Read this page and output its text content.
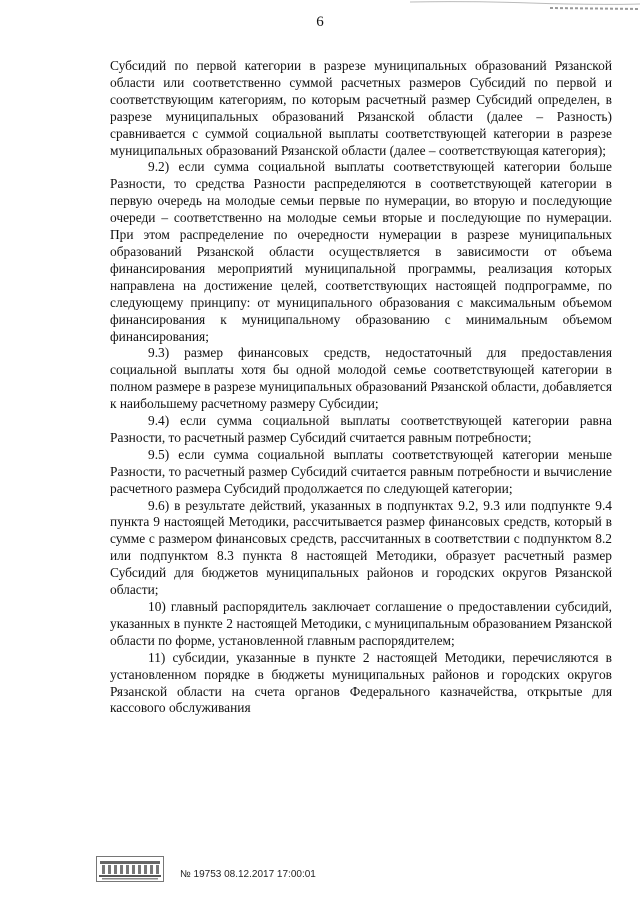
6

Субсидий по первой категории в разрезе муниципальных образований Рязанской области или соответственно суммой расчетных размеров Субсидий по первой и соответствующим категориям, по которым расчетный размер Субсидий определен, в разрезе муниципальных образований Рязанской области (далее – Разность) сравнивается с суммой социальной выплаты соответствующей категории в разрезе муниципальных образований Рязанской области (далее – соответствующая категория);

9.2) если сумма социальной выплаты соответствующей категории больше Разности, то средства Разности распределяются в соответствующей категории в первую очередь на молодые семьи первые по нумерации, во вторую и последующие очереди – соответственно на молодые семьи вторые и последующие по нумерации. При этом распределение по очередности нумерации в разрезе муниципальных образований Рязанской области осуществляется в зависимости от объема финансирования мероприятий муниципальной программы, реализация которых направлена на достижение целей, соответствующих настоящей подпрограмме, по следующему принципу: от муниципального образования с максимальным объемом финансирования к муниципальному образованию с минимальным объемом финансирования;

9.3) размер финансовых средств, недостаточный для предоставления социальной выплаты хотя бы одной молодой семье соответствующей категории в полном размере в разрезе муниципальных образований Рязанской области, добавляется к наибольшему расчетному размеру Субсидии;

9.4) если сумма социальной выплаты соответствующей категории равна Разности, то расчетный размер Субсидий считается равным потребности;

9.5) если сумма социальной выплаты соответствующей категории меньше Разности, то расчетный размер Субсидий считается равным потребности и вычисление расчетного размера Субсидий продолжается по следующей категории;

9.6) в результате действий, указанных в подпунктах 9.2, 9.3 или подпункте 9.4 пункта 9 настоящей Методики, рассчитывается размер финансовых средств, который в сумме с размером финансовых средств, рассчитанных в соответствии с подпунктом 8.2 или подпунктом 8.3 пункта 8 настоящей Методики, образует расчетный размер Субсидий для бюджетов муниципальных районов и городских округов Рязанской области;

10) главный распорядитель заключает соглашение о предоставлении субсидий, указанных в пункте 2 настоящей Методики, с муниципальным образованием Рязанской области по форме, установленной главным распорядителем;

11) субсидии, указанные в пункте 2 настоящей Методики, перечисляются в установленном порядке в бюджеты муниципальных районов и городских округов Рязанской области на счета органов Федерального казначейства, открытые для кассового обслуживания

№ 19753 08.12.2017 17:00:01
